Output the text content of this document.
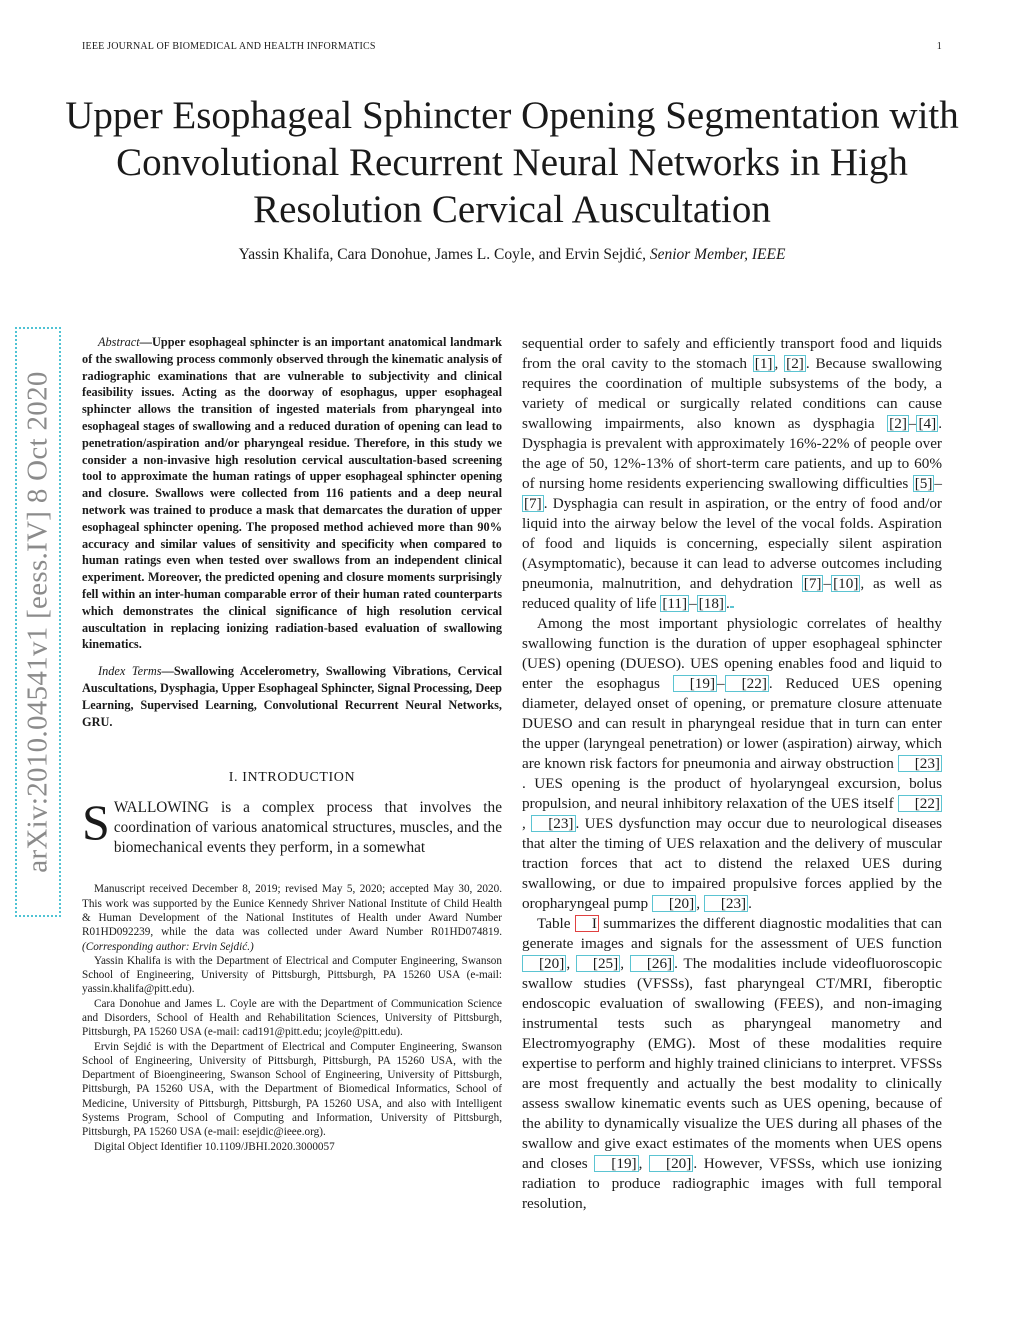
IEEE JOURNAL OF BIOMEDICAL AND HEALTH INFORMATICS	1
Upper Esophageal Sphincter Opening Segmentation with Convolutional Recurrent Neural Networks in High Resolution Cervical Auscultation
Yassin Khalifa, Cara Donohue, James L. Coyle, and Ervin Sejdić, Senior Member, IEEE
arXiv:2010.04541v1 [eess.IV] 8 Oct 2020

Abstract—Upper esophageal sphincter is an important anatomical landmark of the swallowing process commonly observed through the kinematic analysis of radiographic examinations that are vulnerable to subjectivity and clinical feasibility issues. Acting as the doorway of esophagus, upper esophageal sphincter allows the transition of ingested materials from pharyngeal into esophageal stages of swallowing and a reduced duration of opening can lead to penetration/aspiration and/or pharyngeal residue. Therefore, in this study we consider a non-invasive high resolution cervical auscultation-based screening tool to approximate the human ratings of upper esophageal sphincter opening and closure. Swallows were collected from 116 patients and a deep neural network was trained to produce a mask that demarcates the duration of upper esophageal sphincter opening. The proposed method achieved more than 90% accuracy and similar values of sensitivity and specificity when compared to human ratings even when tested over swallows from an independent clinical experiment. Moreover, the predicted opening and closure moments surprisingly fell within an inter-human comparable error of their human rated counterparts which demonstrates the clinical significance of high resolution cervical auscultation in replacing ionizing radiation-based evaluation of swallowing kinematics.

Index Terms—Swallowing Accelerometry, Swallowing Vibrations, Cervical Auscultations, Dysphagia, Upper Esophageal Sphincter, Signal Processing, Deep Learning, Supervised Learning, Convolutional Recurrent Neural Networks, GRU.

I. INTRODUCTION

SWALLOWING is a complex process that involves the coordination of various anatomical structures, muscles, and the biomechanical events they perform, in a somewhat

Manuscript received December 8, 2019; revised May 5, 2020; accepted May 30, 2020. This work was supported by the Eunice Kennedy Shriver National Institute of Child Health & Human Development of the National Institutes of Health under Award Number R01HD092239, while the data was collected under Award Number R01HD074819. (Corresponding author: Ervin Sejdić.)

Yassin Khalifa is with the Department of Electrical and Computer Engineering, Swanson School of Engineering, University of Pittsburgh, Pittsburgh, PA 15260 USA (e-mail: yassin.khalifa@pitt.edu).

Cara Donohue and James L. Coyle are with the Department of Communication Science and Disorders, School of Health and Rehabilitation Sciences, University of Pittsburgh, Pittsburgh, PA 15260 USA (e-mail: cad191@pitt.edu; jcoyle@pitt.edu).

Ervin Sejdić is with the Department of Electrical and Computer Engineering, Swanson School of Engineering, University of Pittsburgh, Pittsburgh, PA 15260 USA, with the Department of Bioengineering, Swanson School of Engineering, University of Pittsburgh, Pittsburgh, PA 15260 USA, with the Department of Biomedical Informatics, School of Medicine, University of Pittsburgh, Pittsburgh, PA 15260 USA, and also with Intelligent Systems Program, School of Computing and Information, University of Pittsburgh, Pittsburgh, PA 15260 USA (e-mail: esejdic@ieee.org).

Digital Object Identifier 10.1109/JBHI.2020.3000057

sequential order to safely and efficiently transport food and liquids from the oral cavity to the stomach [1] , [2] . Because swallowing requires the coordination of multiple subsystems of the body, a variety of medical or surgically related conditions can cause swallowing impairments, also known as dysphagia [2] – [4] . Dysphagia is prevalent with approximately 16%-22% of people over the age of 50, 12%-13% of short-term care patients, and up to 60% of nursing home residents experiencing swallowing difficulties [5] –[7] . Dysphagia can result in aspiration, or the entry of food and/or liquid into the airway below the level of the vocal folds. Aspiration of food and liquids is concerning, especially silent aspiration (Asymptomatic), because it can lead to adverse outcomes including pneumonia, malnutrition, and dehydration [7] – [10] , as well as reduced quality of life [11] – [18] .

Among the most important physiologic correlates of healthy swallowing function is the duration of upper esophageal sphincter (UES) opening (DUESO). UES opening enables food and liquid to enter the esophagus [19] – [22] . Reduced UES opening diameter, delayed onset of opening, or premature closure attenuate DUESO and can result in pharyngeal residue that in turn can enter the upper (laryngeal penetration) or lower (aspiration) airway, which are known risk factors for pneumonia and airway obstruction [23]. UES opening is the product of hyolaryngeal excursion, bolus propulsion, and neural inhibitory relaxation of the UES itself [22], [23] . UES dysfunction may occur due to neurological diseases that alter the timing of UES relaxation and the delivery of muscular traction forces that act to distend the relaxed UES during swallowing, or due to impaired propulsive forces applied by the oropharyngeal pump [20] , [23] .

Table I summarizes the different diagnostic modalities that can generate images and signals for the assessment of UES function [20] , [25] , [26] . The modalities include videofluoroscopic swallow studies (VFSSs), fast pharyngeal CT/MRI, fiberoptic endoscopic evaluation of swallowing (FEES), and non-imaging instrumental tests such as pharyngeal manometry and Electromyography (EMG). Most of these modalities require expertise to perform and highly trained clinicians to interpret. VFSSs are most frequently and actually the best modality to clinically assess swallow kinematic events such as UES opening, because of the ability to dynamically visualize the UES during all phases of the swallow and give exact estimates of the moments when UES opens and closes [19] , [20] . However, VFSSs, which use ionizing radiation to produce radiographic images with full temporal resolution,
